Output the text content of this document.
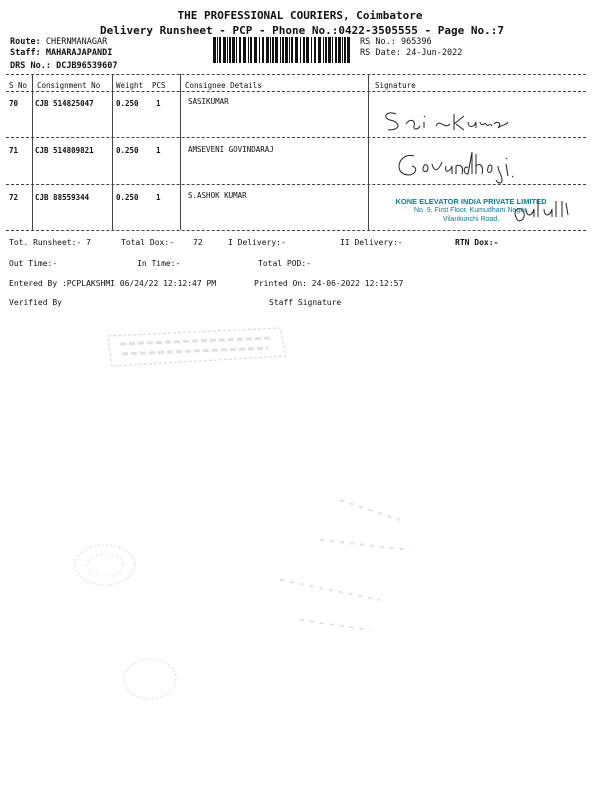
THE PROFESSIONAL COURIERS, Coimbatore
Delivery Runsheet - PCP - Phone No.:0422-3505555 - Page No.:7
Route: CHERNMANAGAR
Staff: MAHARAJAPANDI
DRS No.: DCJB96539607
RS No.: 965396
RS Date: 24-Jun-2022
S No Consignment No Weight PCS	Consignee Details	Signature
70 CJB 514825047	0.250 1	SASIKUMAR
71 CJB 514809821	0.250 1	AMSEVENI GOVINDARAJ
72 CJB 88559344	0.250 1	S.ASHOK KUMAR
KONE ELEVATOR INDIA PRIVATE LIMITED
No. 9, First Floor, Kumudham Nagar,
Vilankurichi Road,
Tot. Runsheet:- 7	Total Dox:- 72	I Delivery:-	II Delivery:-	RTN Dox:-
Out Time:-	In Time:-	Total POD:-
Entered By :PCPLAKSHMI 06/24/22 12:12:47 PM	Printed On: 24-06-2022 12:12:57
Verified By	Staff Signature
